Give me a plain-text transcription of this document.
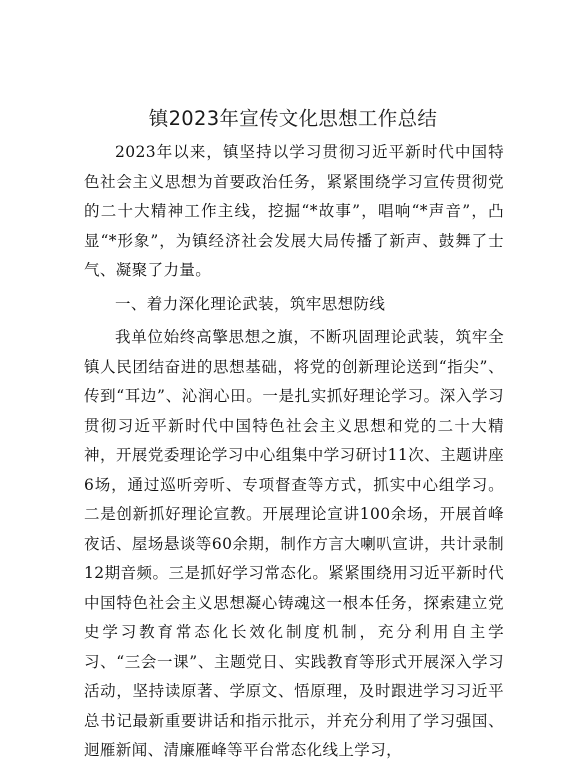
镇2023年宣传文化思想工作总结

2023年以来，镇坚持以学习贯彻习近平新时代中国特色社会主义思想为首要政治任务，紧紧围绕学习宣传贯彻党的二十大精神工作主线，挖掘“*故事”，唱响“*声音”，凸显“*形象”，为镇经济社会发展大局传播了新声、鼓舞了士气、凝聚了力量。

一、着力深化理论武装，筑牢思想防线

我单位始终高擎思想之旗，不断巩固理论武装，筑牢全镇人民团结奋进的思想基础，将党的创新理论送到“指尖”、传到“耳边”、沁润心田。一是扎实抓好理论学习。深入学习贯彻习近平新时代中国特色社会主义思想和党的二十大精神，开展党委理论学习中心组集中学习研讨11次、主题讲座6场，通过巡听旁听、专项督查等方式，抓实中心组学习。二是创新抓好理论宣教。开展理论宣讲100余场，开展首峰夜话、屋场悬谈等60余期，制作方言大喇叭宣讲，共计录制12期音频。三是抓好学习常态化。紧紧围绕用习近平新时代中国特色社会主义思想凝心铸魂这一根本任务，探索建立党史学习教育常态化长效化制度机制，充分利用自主学习、“三会一课”、主题党日、实践教育等形式开展深入学习活动，坚持读原著、学原文、悟原理，及时跟进学习习近平总书记最新重要讲话和指示批示，并充分利用了学习强国、迥雁新闻、清廉雁峰等平台常态化线上学习，
